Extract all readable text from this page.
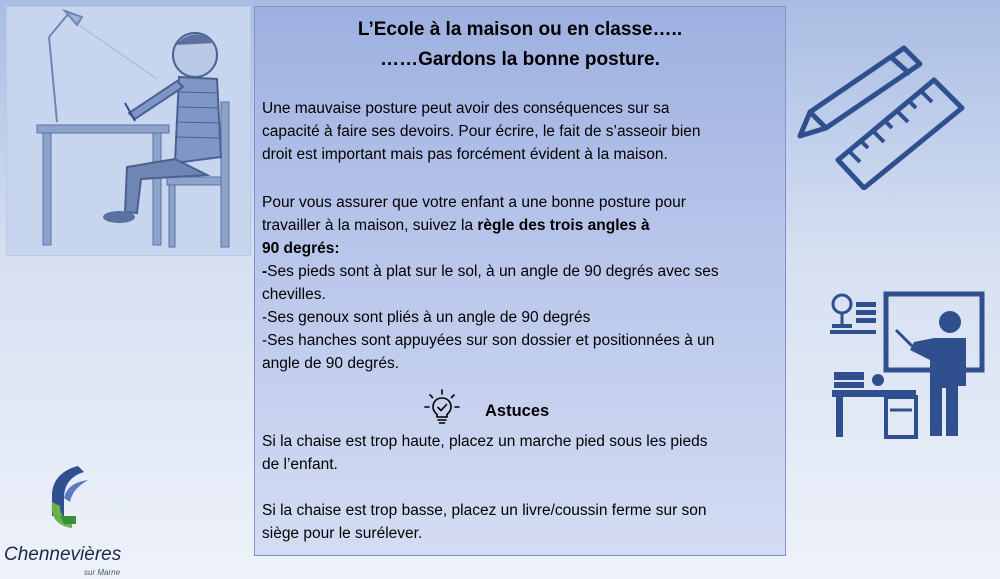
L’Ecole à la maison ou en classe…..
……Gardons la bonne posture.
Une mauvaise posture peut avoir des conséquences sur sa
capacité à faire ses devoirs. Pour écrire, le fait de s’asseoir bien
droit est important mais pas forcément évident à la maison.
Pour vous assurer que votre enfant a une bonne posture pour
travailler à la maison, suivez la règle des trois angles à
90 degrés:
-Ses pieds sont à plat sur le sol, à un angle de 90 degrés avec ses
chevilles.
-Ses genoux sont pliés à un angle de 90 degrés
-Ses hanches sont appuyées sur son dossier et positionnées à un
angle de 90 degrés.
Astuces
Si la chaise est trop haute, placez un marche pied sous les pieds
de l’enfant.
Si la chaise est trop basse, placez un livre/coussin ferme sur son
siège pour le surélever.
Chennevières
sur Marne
